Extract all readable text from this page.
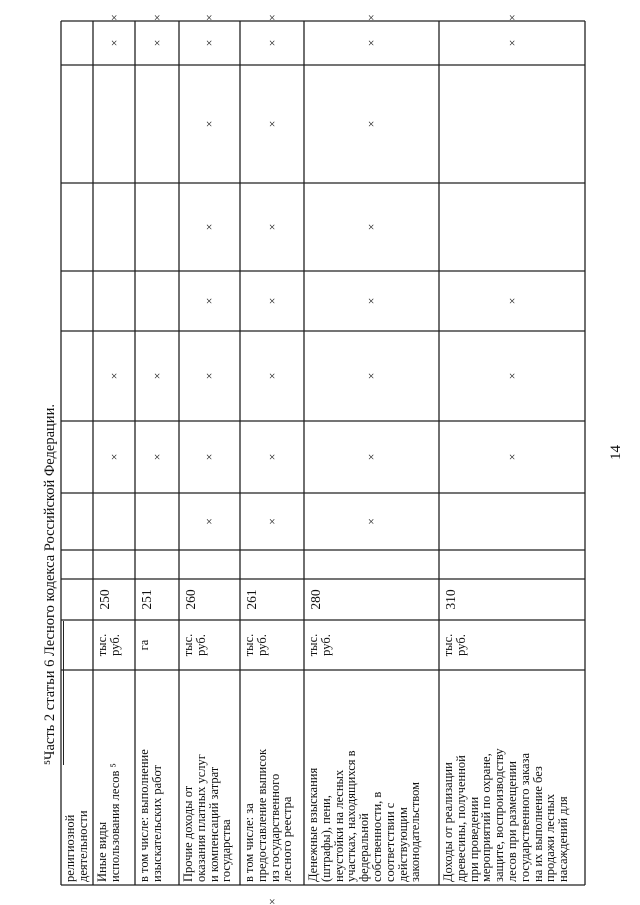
религиозной
деятельности Иные виды
использования лесов ⁵
тыс.
руб.
250
×
×
×
×
в том числе: выполнение
изыскательских работ
га
251
×
×
×
×
Прочие доходы от
оказания платных услуг
и компенсаций затрат
государства
тыс.
руб.
260
×
×
×
×
×
×
×
×
в том числе: за
предоставление выписок
из государственного
лесного реестра
тыс.
руб.
261
×
×
×
×
×
×
×
×
×
Денежные взыскания
(штрафы), пени,
неустойки на лесных
участках, находящихся в
федеральной
собственности, в
соответствии с
действующим
законодательством
тыс.
руб.
280
×
×
×
×
×
×
×
×
Доходы от реализации
древесины, полученной
при проведении
мероприятий по охране,
защите, воспроизводству
лесов при размещении
государственного заказа
на их выполнение без
продажи лесных
насаждений для
тыс.
руб.
310
×
×
×
×
×
14
⁵Часть 2 статьи 6 Лесного кодекса Российской Федерации.
